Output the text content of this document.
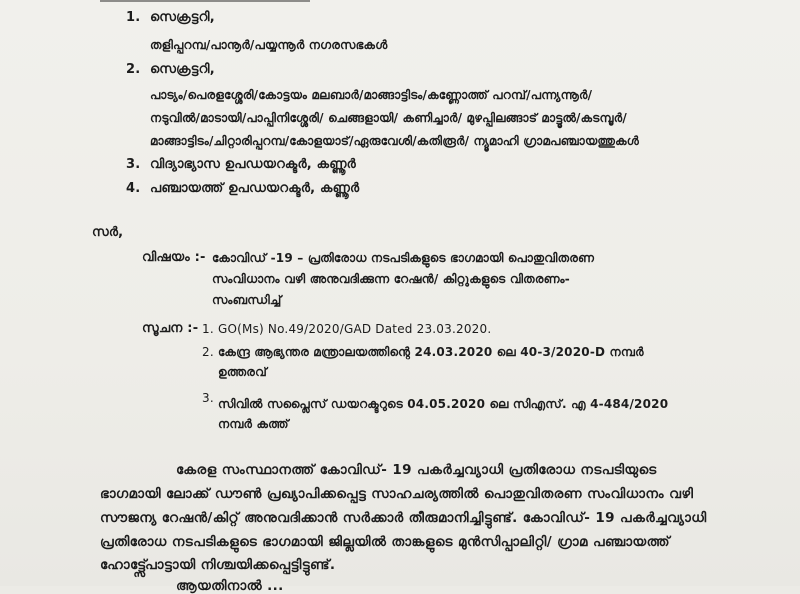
1. സെക്രട്ടറി,
തളിപ്പറമ്പ/പാനൂർ/പയ്യന്നൂർ നഗരസഭകൾ
2. സെക്രട്ടറി,
പാട്യം/പെരളശ്ശേരി/കോട്ടയം മലബാർ/മാങ്ങാട്ടിടം/കണ്ണോത്ത് പറമ്പ്/പന്ന്യന്നൂർ/
നടുവിൽ/മാടായി/പാപ്പിനിശ്ശേരി/ ചെങ്ങളായി/ കണിച്ചാർ/ മുഴപ്പിലങ്ങാട് മാട്ടൂൽ/കടമ്പൂർ/
മാങ്ങാട്ടിടം/ചിറ്റാരിപ്പറമ്പ/കോളയാട്/ഏരുവേശി/കതിരൂർ/ ന്യൂമാഹി ഗ്രാമപഞ്ചായത്തുകൾ
3. വിദ്യാഭ്യാസ ഉപഡയറക്ടർ, കണ്ണൂർ
4. പഞ്ചായത്ത് ഉപഡയറക്ടർ, കണ്ണൂർ
സർ,
വിഷയം :- കോവിഡ് -19 – പ്രതിരോധ നടപടികളുടെ ഭാഗമായി പൊതുവിതരണ
സംവിധാനം വഴി അനുവദിക്കുന്ന റേഷൻ/ കിറ്റുകളുടെ വിതരണം-
സംബന്ധിച്ച്
സൂചന :- 1. GO(Ms) No.49/2020/GAD Dated 23.03.2020.
2. കേന്ദ്ര ആഭ്യന്തര മന്ത്രാലയത്തിന്റെ 24.03.2020 ലെ 40-3/2020-D നമ്പർ
ഉത്തരവ്
3. സിവിൽ സപ്ലൈസ് ഡയറക്ടറുടെ 04.05.2020 ലെ സിഎസ്. എ 4-484/2020
നമ്പർ കത്ത്
കേരള സംസ്ഥാനത്ത് കോവിഡ്- 19 പകർച്ചവ്യാധി പ്രതിരോധ നടപടിയുടെ
ഭാഗമായി ലോക്ക് ഡൗൺ പ്രഖ്യാപിക്കപ്പെട്ട സാഹചര്യത്തിൽ പൊതുവിതരണ സംവിധാനം വഴി
സൗജന്യ റേഷൻ/കിറ്റ് അനുവദിക്കാൻ സർക്കാർ തീരുമാനിച്ചിട്ടുണ്ട്. കോവിഡ്- 19 പകർച്ചവ്യാധി
പ്രതിരോധ നടപടികളുടെ ഭാഗമായി ജില്ലയിൽ താങ്കളുടെ മുൻസിപ്പാലിറ്റി/ ഗ്രാമ പഞ്ചായത്ത്
ഹോട്ട്സ്പോട്ടായി നിശ്ചയിക്കപ്പെട്ടിട്ടുണ്ട്.
ആയതിനാൽ ...
